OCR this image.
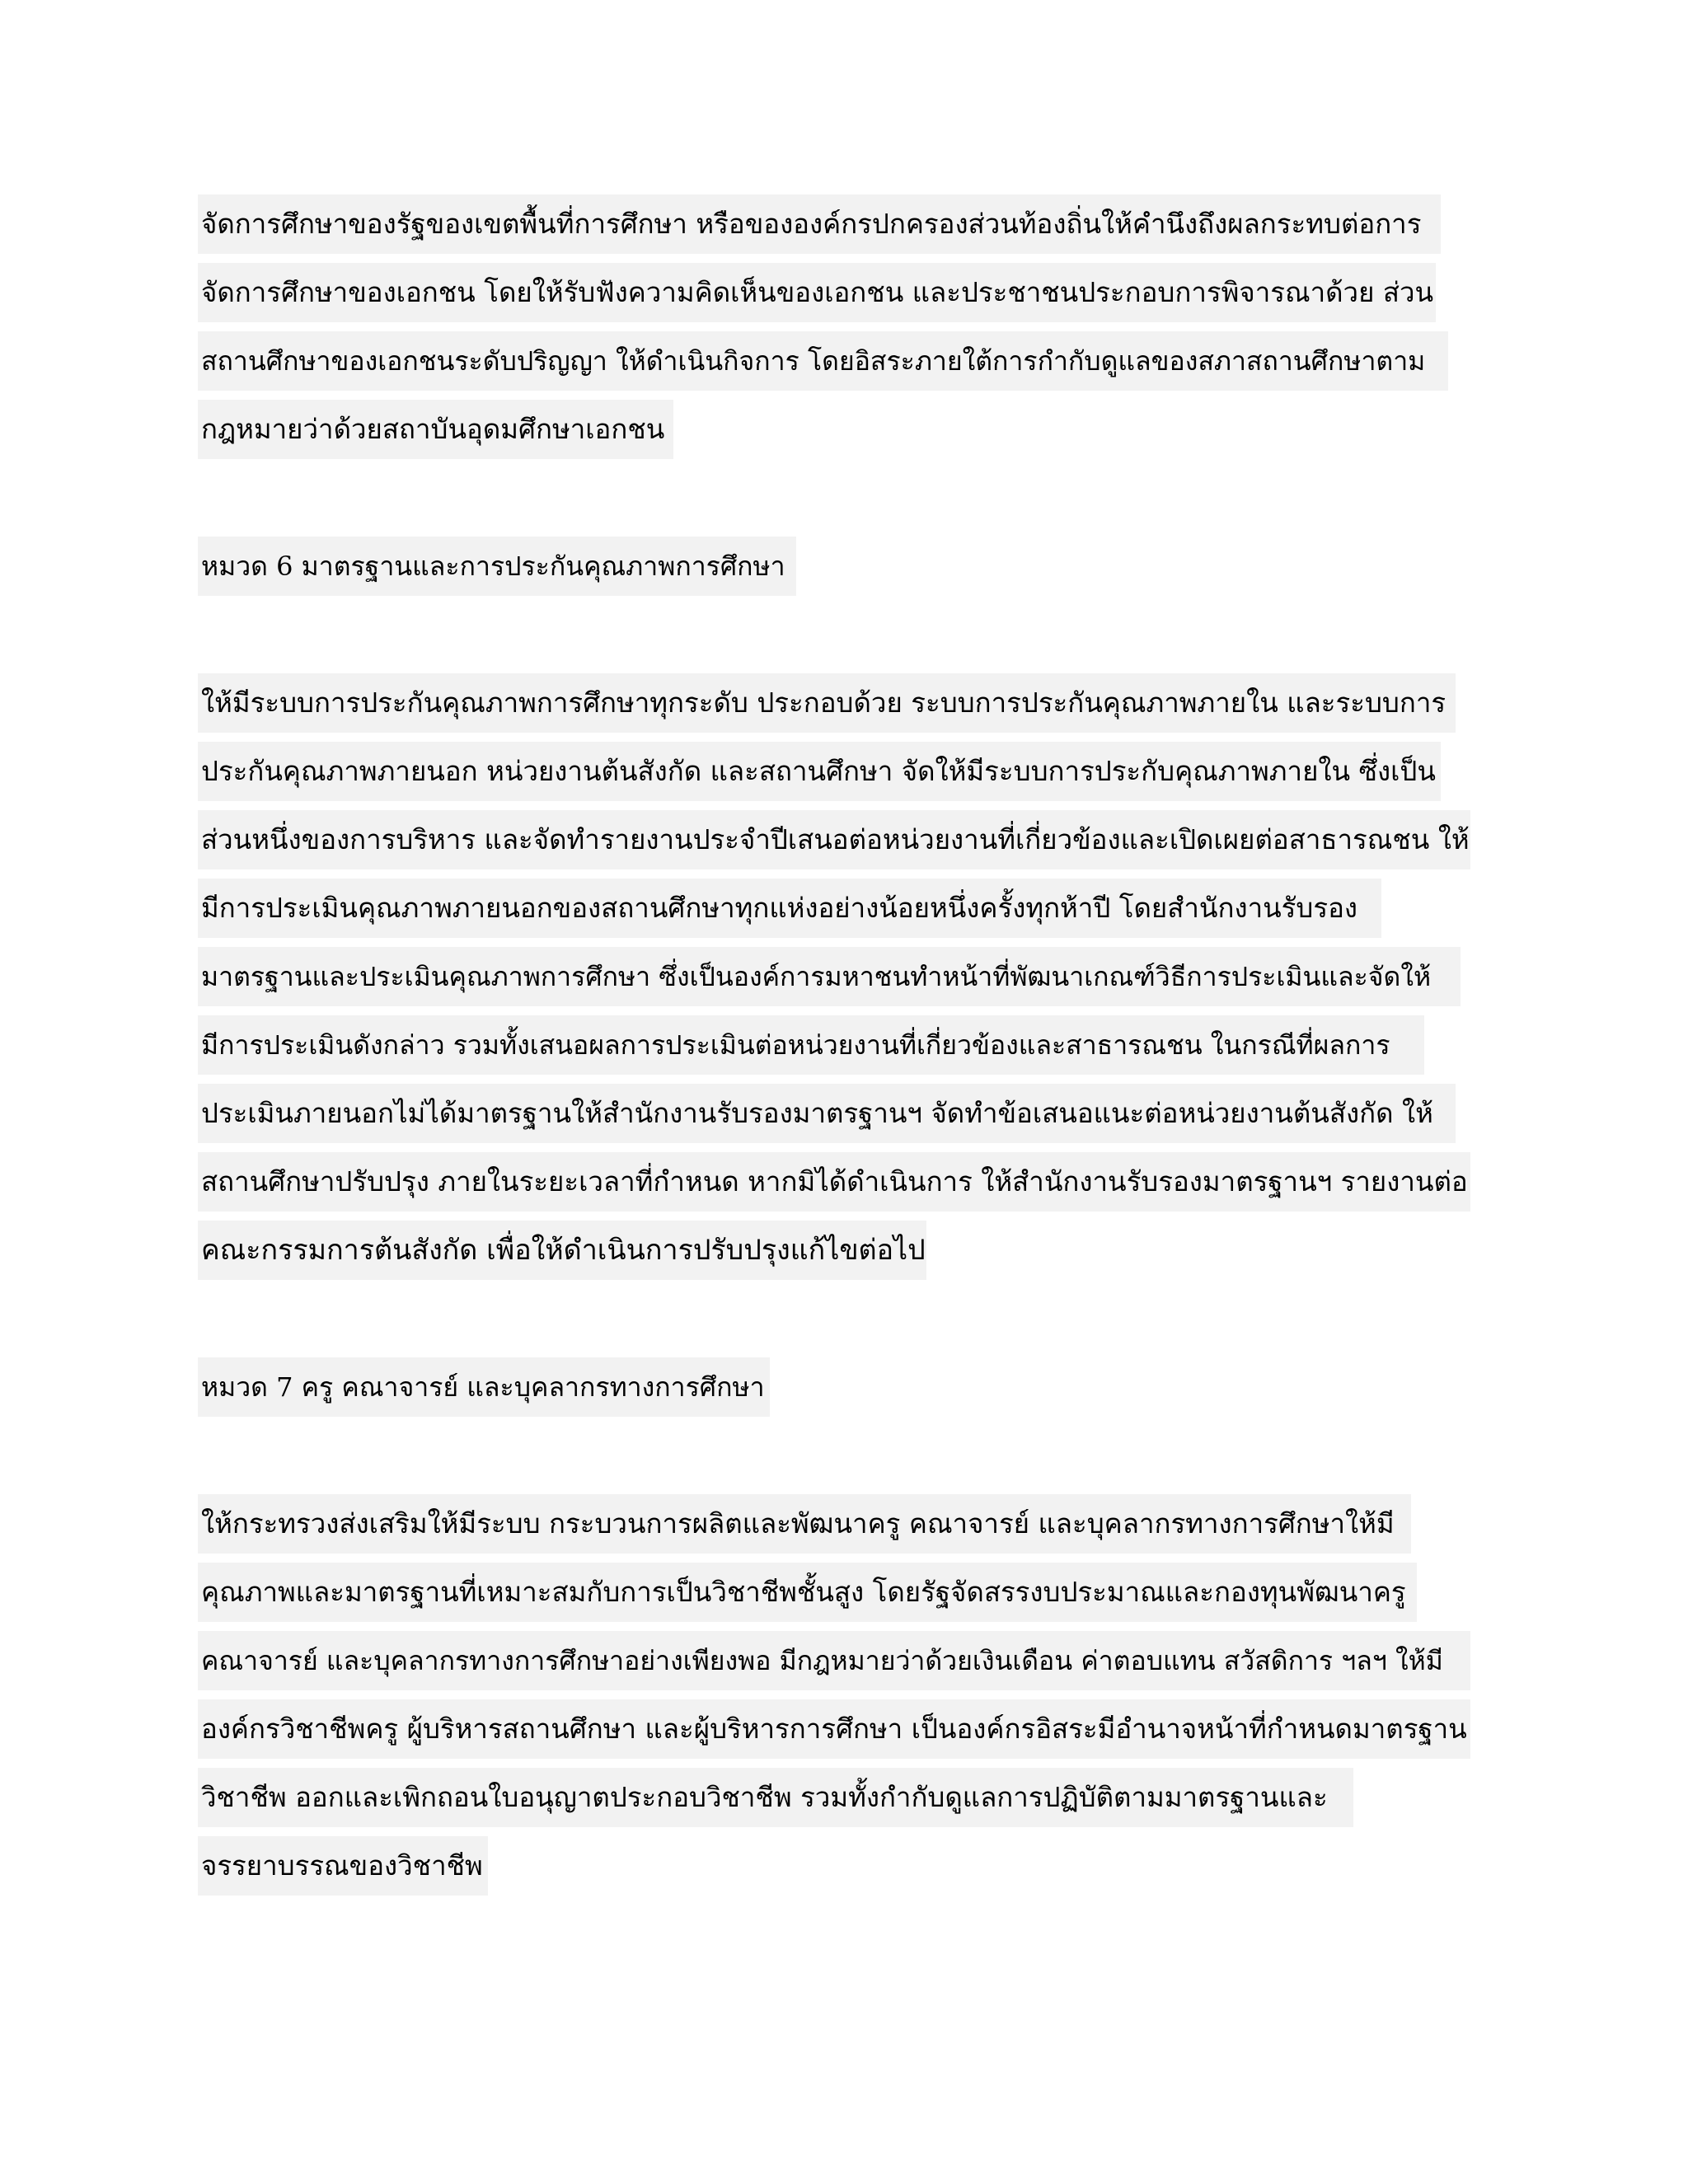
จัดการศึกษาของรัฐของเขตพื้นที่การศึกษา หรือขององค์กรปกครองส่วนท้องถิ่นให้คำนึงถึงผลกระทบต่อการ
จัดการศึกษาของเอกชน โดยให้รับฟังความคิดเห็นของเอกชน และประชาชนประกอบการพิจารณาด้วย ส่วน
สถานศึกษาของเอกชนระดับปริญญา ให้ดำเนินกิจการ โดยอิสระภายใต้การกำกับดูแลของสภาสถานศึกษาตาม
กฎหมายว่าด้วยสถาบันอุดมศึกษาเอกชน
หมวด 6 มาตรฐานและการประกันคุณภาพการศึกษา
ให้มีระบบการประกันคุณภาพการศึกษาทุกระดับ ประกอบด้วย ระบบการประกันคุณภาพภายใน และระบบการ
ประกันคุณภาพภายนอก หน่วยงานต้นสังกัด และสถานศึกษา จัดให้มีระบบการประกับคุณภาพภายใน ซึ่งเป็น
ส่วนหนึ่งของการบริหาร และจัดทำรายงานประจำปีเสนอต่อหน่วยงานที่เกี่ยวข้องและเปิดเผยต่อสาธารณชน ให้
มีการประเมินคุณภาพภายนอกของสถานศึกษาทุกแห่งอย่างน้อยหนึ่งครั้งทุกห้าปี โดยสำนักงานรับรอง
มาตรฐานและประเมินคุณภาพการศึกษา ซึ่งเป็นองค์การมหาชนทำหน้าที่พัฒนาเกณฑ์วิธีการประเมินและจัดให้
มีการประเมินดังกล่าว รวมทั้งเสนอผลการประเมินต่อหน่วยงานที่เกี่ยวข้องและสาธารณชน ในกรณีที่ผลการ
ประเมินภายนอกไม่ได้มาตรฐานให้สำนักงานรับรองมาตรฐานฯ จัดทำข้อเสนอแนะต่อหน่วยงานต้นสังกัด ให้
สถานศึกษาปรับปรุง ภายในระยะเวลาที่กำหนด หากมิได้ดำเนินการ ให้สำนักงานรับรองมาตรฐานฯ รายงานต่อ
คณะกรรมการต้นสังกัด เพื่อให้ดำเนินการปรับปรุงแก้ไขต่อไป
หมวด 7 ครู คณาจารย์ และบุคลากรทางการศึกษา
ให้กระทรวงส่งเสริมให้มีระบบ กระบวนการผลิตและพัฒนาครู คณาจารย์ และบุคลากรทางการศึกษาให้มี
คุณภาพและมาตรฐานที่เหมาะสมกับการเป็นวิชาชีพชั้นสูง โดยรัฐจัดสรรงบประมาณและกองทุนพัฒนาครู
คณาจารย์ และบุคลากรทางการศึกษาอย่างเพียงพอ มีกฎหมายว่าด้วยเงินเดือน ค่าตอบแทน สวัสดิการ ฯลฯ ให้มี
องค์กรวิชาชีพครู ผู้บริหารสถานศึกษา และผู้บริหารการศึกษา เป็นองค์กรอิสระมีอำนาจหน้าที่กำหนดมาตรฐาน
วิชาชีพ ออกและเพิกถอนใบอนุญาตประกอบวิชาชีพ รวมทั้งกำกับดูแลการปฏิบัติตามมาตรฐานและ
จรรยาบรรณของวิชาชีพ
